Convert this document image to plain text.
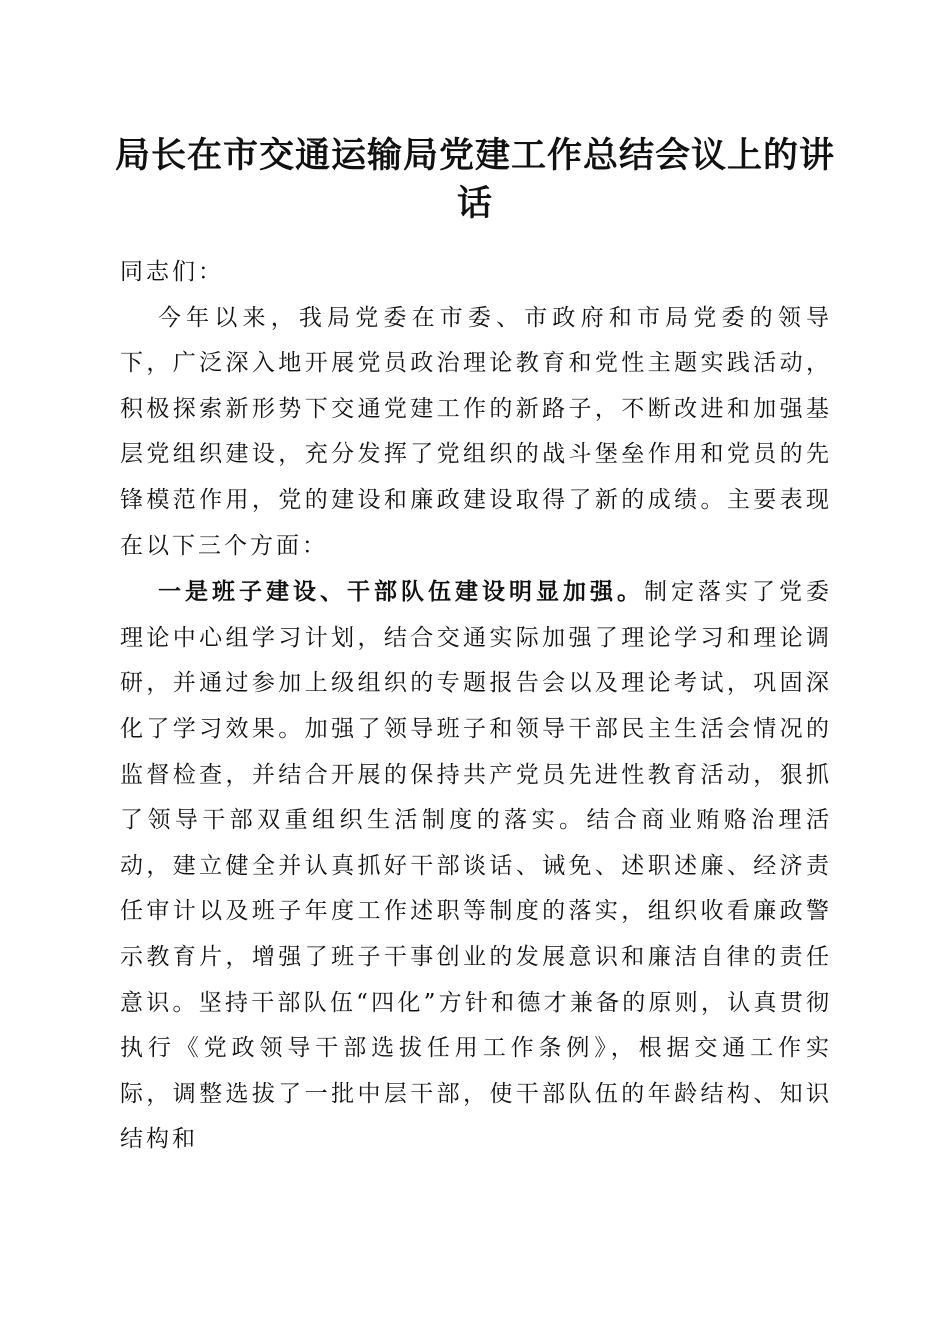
局长在市交通运输局党建工作总结会议上的讲话

同志们：

今年以来，我局党委在市委、市政府和市局党委的领导下，广泛深入地开展党员政治理论教育和党性主题实践活动，积极探索新形势下交通党建工作的新路子，不断改进和加强基层党组织建设，充分发挥了党组织的战斗堡垒作用和党员的先锋模范作用，党的建设和廉政建设取得了新的成绩。主要表现在以下三个方面：

一是班子建设、干部队伍建设明显加强。制定落实了党委理论中心组学习计划，结合交通实际加强了理论学习和理论调研，并通过参加上级组织的专题报告会以及理论考试，巩固深化了学习效果。加强了领导班子和领导干部民主生活会情况的监督检查，并结合开展的保持共产党员先进性教育活动，狠抓了领导干部双重组织生活制度的落实。结合商业贿赂治理活动，建立健全并认真抓好干部谈话、诫免、述职述廉、经济责任审计以及班子年度工作述职等制度的落实，组织收看廉政警示教育片，增强了班子干事创业的发展意识和廉洁自律的责任意识。坚持干部队伍“四化”方针和德才兼备的原则，认真贯彻执行《党政领导干部选拔任用工作条例》，根据交通工作实际，调整选拔了一批中层干部，使干部队伍的年龄结构、知识结构和
